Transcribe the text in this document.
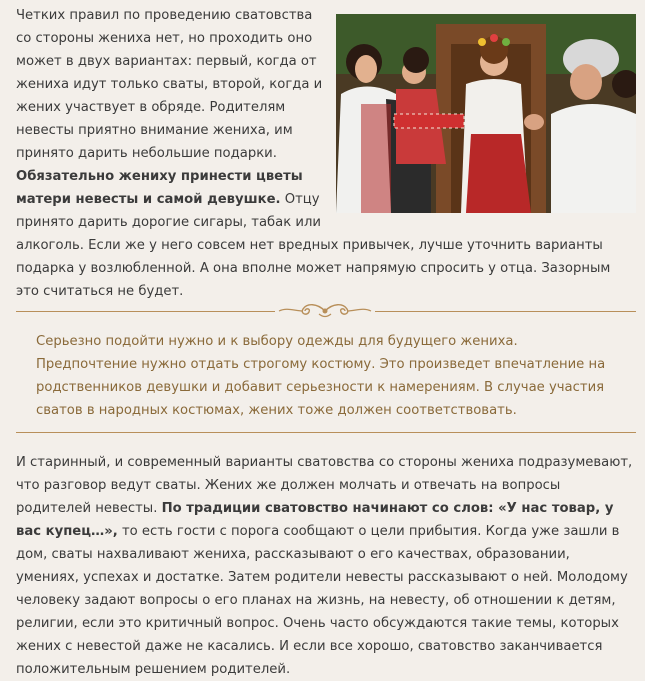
Четких правил по проведению сватовства со стороны жениха нет, но проходить оно может в двух вариантах: первый, когда от жениха идут только сваты, второй, когда и жених участвует в обряде. Родителям невесты приятно внимание жениха, им принято дарить небольшие подарки. Обязательно жениху принести цветы матери невесты и самой девушке. Отцу принято дарить дорогие сигары, табак или алкоголь. Если же у него совсем нет вредных привычек, лучше уточнить варианты подарка у возлюбленной. А она вполне может напрямую спросить у отца. Зазорным это считаться не будет.

Серьезно подойти нужно и к выбору одежды для будущего жениха. Предпочтение нужно отдать строгому костюму. Это произведет впечатление на родственников девушки и добавит серьезности к намерениям. В случае участия сватов в народных костюмах, жених тоже должен соответствовать.

И старинный, и современный варианты сватовства со стороны жениха подразумевают, что разговор ведут сваты. Жених же должен молчать и отвечать на вопросы родителей невесты. По традиции сватовство начинают со слов: «У нас товар, у вас купец…», то есть гости с порога сообщают о цели прибытия. Когда уже зашли в дом, сваты нахваливают жениха, рассказывают о его качествах, образовании, умениях, успехах и достатке. Затем родители невесты рассказывают о ней. Молодому человеку задают вопросы о его планах на жизнь, на невесту, об отношении к детям, религии, если это критичный вопрос. Очень часто обсуждаются такие темы, которых жених с невестой даже не касались. И если все хорошо, сватовство заканчивается положительным решением родителей.
